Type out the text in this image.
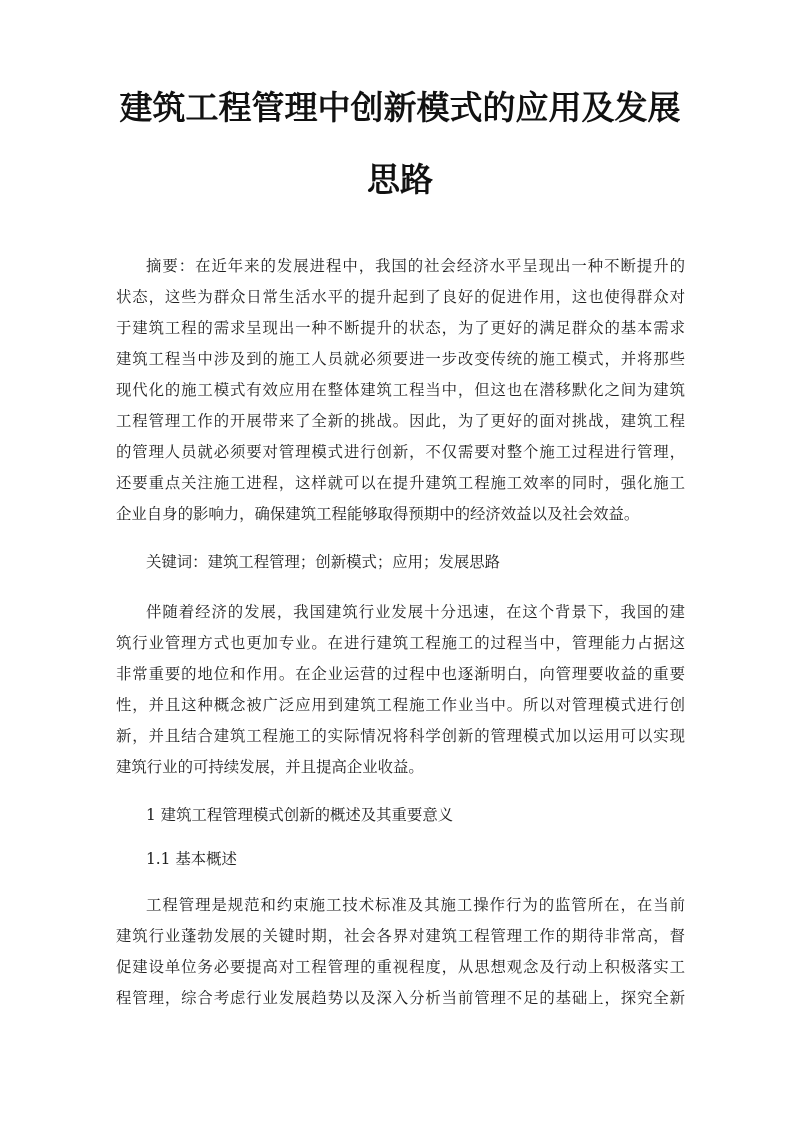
建筑工程管理中创新模式的应用及发展
思路
摘要：在近年来的发展进程中，我国的社会经济水平呈现出一种不断提升的
状态，这些为群众日常生活水平的提升起到了良好的促进作用，这也使得群众对
于建筑工程的需求呈现出一种不断提升的状态，为了更好的满足群众的基本需求
建筑工程当中涉及到的施工人员就必须要进一步改变传统的施工模式，并将那些
现代化的施工模式有效应用在整体建筑工程当中，但这也在潜移默化之间为建筑
工程管理工作的开展带来了全新的挑战。因此，为了更好的面对挑战，建筑工程
的管理人员就必须要对管理模式进行创新，不仅需要对整个施工过程进行管理，
还要重点关注施工进程，这样就可以在提升建筑工程施工效率的同时，强化施工
企业自身的影响力，确保建筑工程能够取得预期中的经济效益以及社会效益。
关键词：建筑工程管理；创新模式；应用；发展思路
伴随着经济的发展，我国建筑行业发展十分迅速，在这个背景下，我国的建
筑行业管理方式也更加专业。在进行建筑工程施工的过程当中，管理能力占据这
非常重要的地位和作用。在企业运营的过程中也逐渐明白，向管理要收益的重要
性，并且这种概念被广泛应用到建筑工程施工作业当中。所以对管理模式进行创
新，并且结合建筑工程施工的实际情况将科学创新的管理模式加以运用可以实现
建筑行业的可持续发展，并且提高企业收益。
1 建筑工程管理模式创新的概述及其重要意义
1.1 基本概述
工程管理是规范和约束施工技术标准及其施工操作行为的监管所在，在当前
建筑行业蓬勃发展的关键时期，社会各界对建筑工程管理工作的期待非常高，督
促建设单位务必要提高对工程管理的重视程度，从思想观念及行动上积极落实工
程管理，综合考虑行业发展趋势以及深入分析当前管理不足的基础上，探究全新
